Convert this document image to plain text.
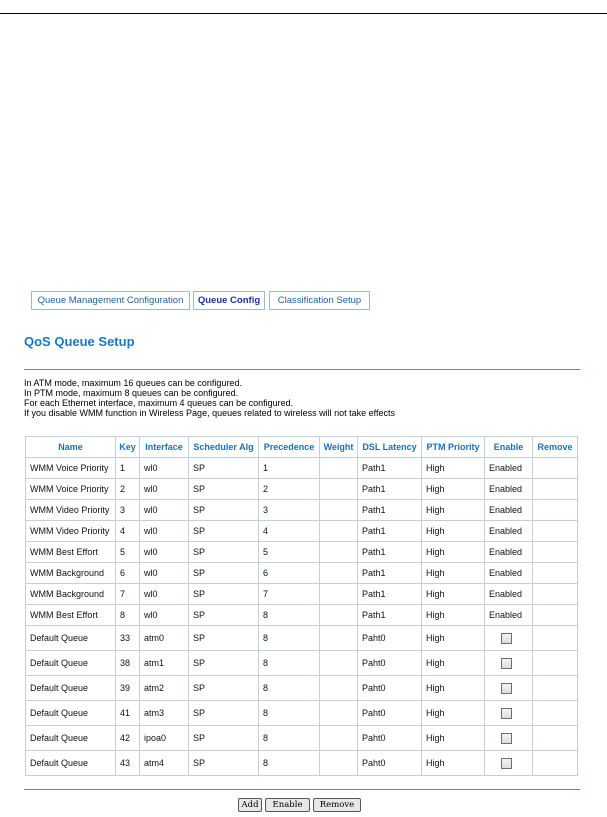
Queue Management Configuration	Queue Config	Classification Setup
QoS Queue Setup
In ATM mode, maximum 16 queues can be configured.
In PTM mode, maximum 8 queues can be configured.
For each Ethernet interface, maximum 4 queues can be configured.
If you disable WMM function in Wireless Page, queues related to wireless will not take effects
Name	Key	Interface	Scheduler Alg	Precedence	Weight	DSL Latency	PTM Priority	Enable	Remove
WMM Voice Priority	1	wl0	SP	1		Path1	High	Enabled	
WMM Voice Priority	2	wl0	SP	2		Path1	High	Enabled	
WMM Video Priority	3	wl0	SP	3		Path1	High	Enabled	
WMM Video Priority	4	wl0	SP	4		Path1	High	Enabled	
WMM Best Effort	5	wl0	SP	5		Path1	High	Enabled	
WMM Background	6	wl0	SP	6		Path1	High	Enabled	
WMM Background	7	wl0	SP	7		Path1	High	Enabled	
WMM Best Effort	8	wl0	SP	8		Path1	High	Enabled	
Default Queue	33	atm0	SP	8		Paht0	High		
Default Queue	38	atm1	SP	8		Paht0	High		
Default Queue	39	atm2	SP	8		Paht0	High		
Default Queue	41	atm3	SP	8		Paht0	High		
Default Queue	42	ipoa0	SP	8		Paht0	High		
Default Queue	43	atm4	SP	8		Paht0	High		
Add	Enable	Remove
